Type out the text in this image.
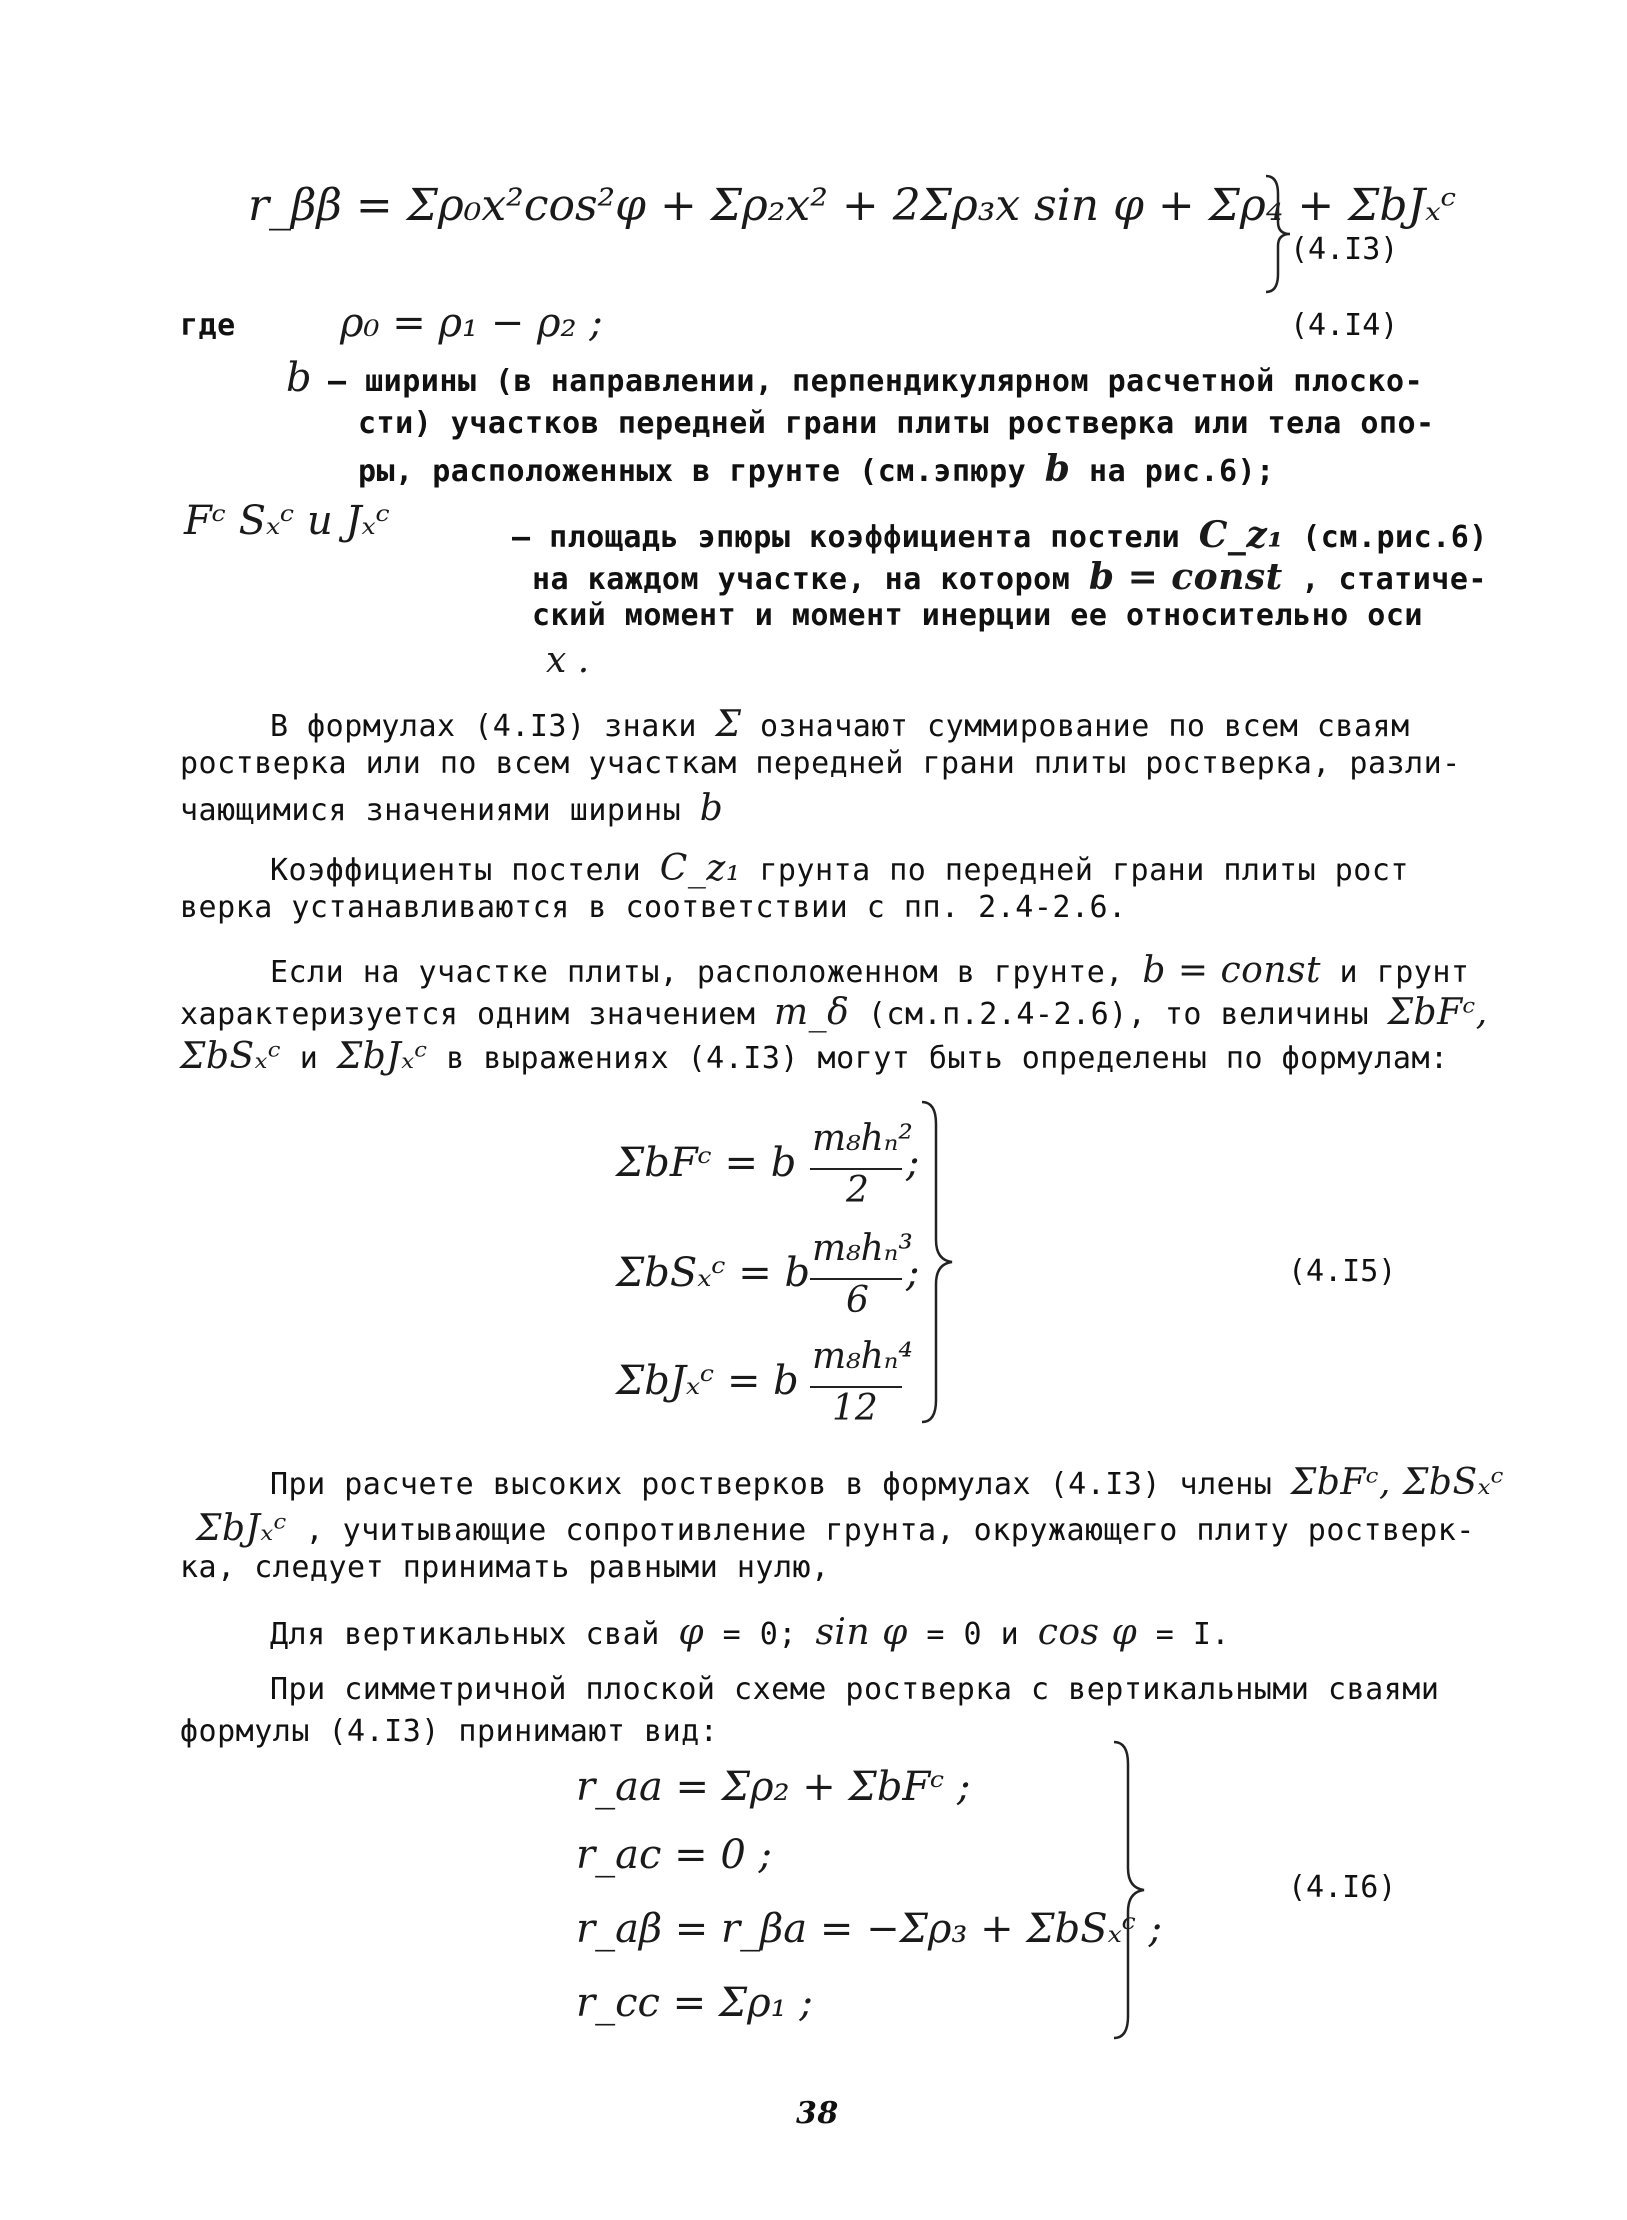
r_ββ = Σρ₀x²cos²φ + Σρ₂x² + 2Σρ₃x sin φ + Σρ₄ + ΣbJₓᶜ
(4.I3)
где	ρ₀ = ρ₁ − ρ₂ ;	(4.I4)
b – ширины (в направлении, перпендикулярном расчетной плоско-
сти) участков передней грани плиты ростверка или тела опо-
ры, расположенных в грунте (см.эпюру b на рис.6);
Fᶜ Sₓᶜ и Jₓᶜ	– площадь эпюры коэффициента постели C_z₁ (см.рис.6)
на каждом участке, на котором b = const , статиче-
ский момент и момент инерции ее относительно оси
x .
В формулах (4.I3) знаки Σ означают суммирование по всем сваям
ростверка или по всем участкам передней грани плиты ростверка, разли-
чающимися значениями ширины b
Коэффициенты постели C_z₁ грунта по передней грани плиты рост
верка устанавливаются в соответствии с пп. 2.4-2.6.
Если на участке плиты, расположенном в грунте, b = const и грунт
характеризуется одним значением m_δ (см.п.2.4-2.6), то величины ΣbFᶜ,
ΣbSₓᶜ и ΣbJₓᶜ в выражениях (4.I3) могут быть определены по формулам:
ΣbFᶜ = b
m₈hₙ²
2
;
ΣbSₓᶜ = b
m₈hₙ³
6
;
ΣbJₓᶜ = b
m₈hₙ⁴
12
(4.I5)
При расчете высоких ростверков в формулах (4.I3) члены ΣbFᶜ, ΣbSₓᶜ
ΣbJₓᶜ , учитывающие сопротивление грунта, окружающего плиту ростверк-
ка, следует принимать равными нулю,
Для вертикальных свай φ = 0; sin φ = 0 и cos φ = I.
При симметричной плоской схеме ростверка с вертикальными сваями
формулы (4.I3) принимают вид:
r_aa = Σρ₂ + ΣbFᶜ ;
r_ac = 0 ;
r_aβ = r_βa = −Σρ₃ + ΣbSₓᶜ ;
r_cc = Σρ₁ ;
(4.I6)
38
